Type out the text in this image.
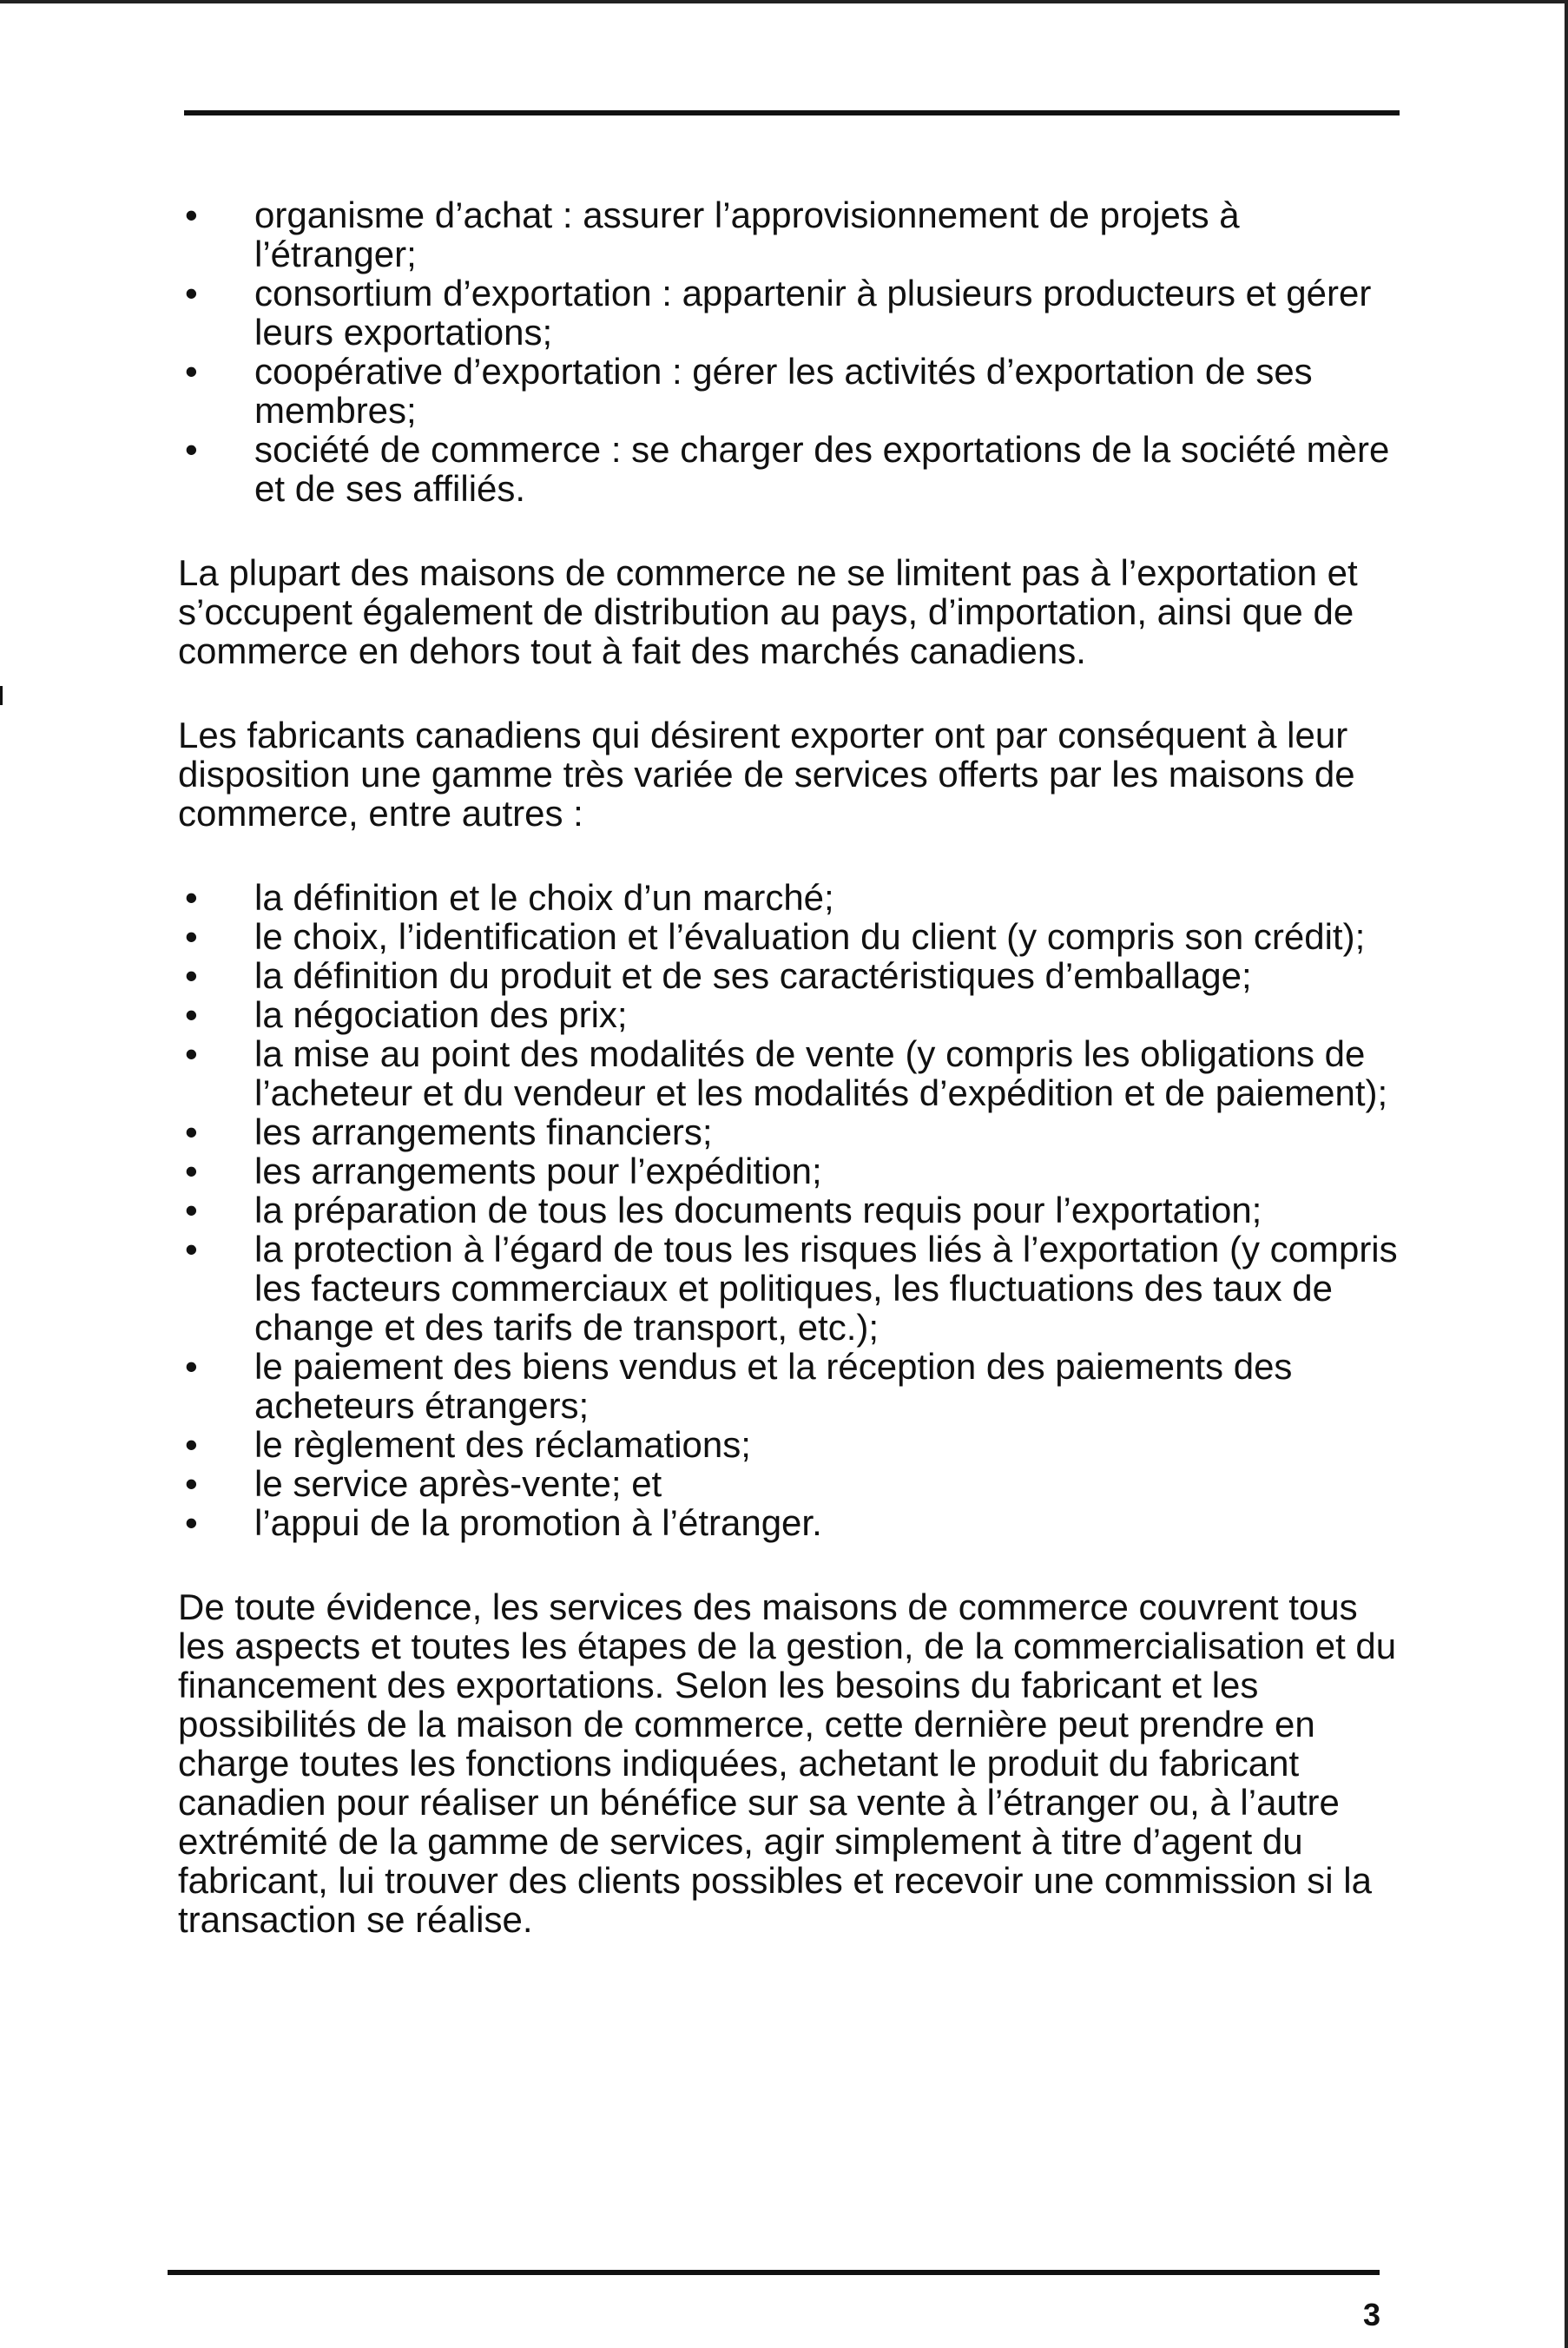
• organisme d’achat : assurer l’approvisionnement de projets à l’étranger;
• consortium d’exportation : appartenir à plusieurs producteurs et gérer leurs exportations;
• coopérative d’exportation : gérer les activités d’exportation de ses membres;
• société de commerce : se charger des exportations de la société mère et de ses affiliés.

La plupart des maisons de commerce ne se limitent pas à l’exportation et s’occupent également de distribution au pays, d’importation, ainsi que de commerce en dehors tout à fait des marchés canadiens.

Les fabricants canadiens qui désirent exporter ont par conséquent à leur disposition une gamme très variée de services offerts par les maisons de commerce, entre autres :

• la définition et le choix d’un marché;
• le choix, l’identification et l’évaluation du client (y compris son crédit);
• la définition du produit et de ses caractéristiques d’emballage;
• la négociation des prix;
• la mise au point des modalités de vente (y compris les obligations de l’acheteur et du vendeur et les modalités d’expédition et de paiement);
• les arrangements financiers;
• les arrangements pour l’expédition;
• la préparation de tous les documents requis pour l’exportation;
• la protection à l’égard de tous les risques liés à l’exportation (y compris les facteurs commerciaux et politiques, les fluctuations des taux de change et des tarifs de transport, etc.);
• le paiement des biens vendus et la réception des paiements des acheteurs étrangers;
• le règlement des réclamations;
• le service après-vente; et
• l’appui de la promotion à l’étranger.

De toute évidence, les services des maisons de commerce couvrent tous les aspects et toutes les étapes de la gestion, de la commercialisation et du financement des exportations. Selon les besoins du fabricant et les possibilités de la maison de commerce, cette dernière peut prendre en charge toutes les fonctions indiquées, achetant le produit du fabricant canadien pour réaliser un bénéfice sur sa vente à l’étranger ou, à l’autre extrémité de la gamme de services, agir simplement à titre d’agent du fabricant, lui trouver des clients possibles et recevoir une commission si la transaction se réalise.

3
